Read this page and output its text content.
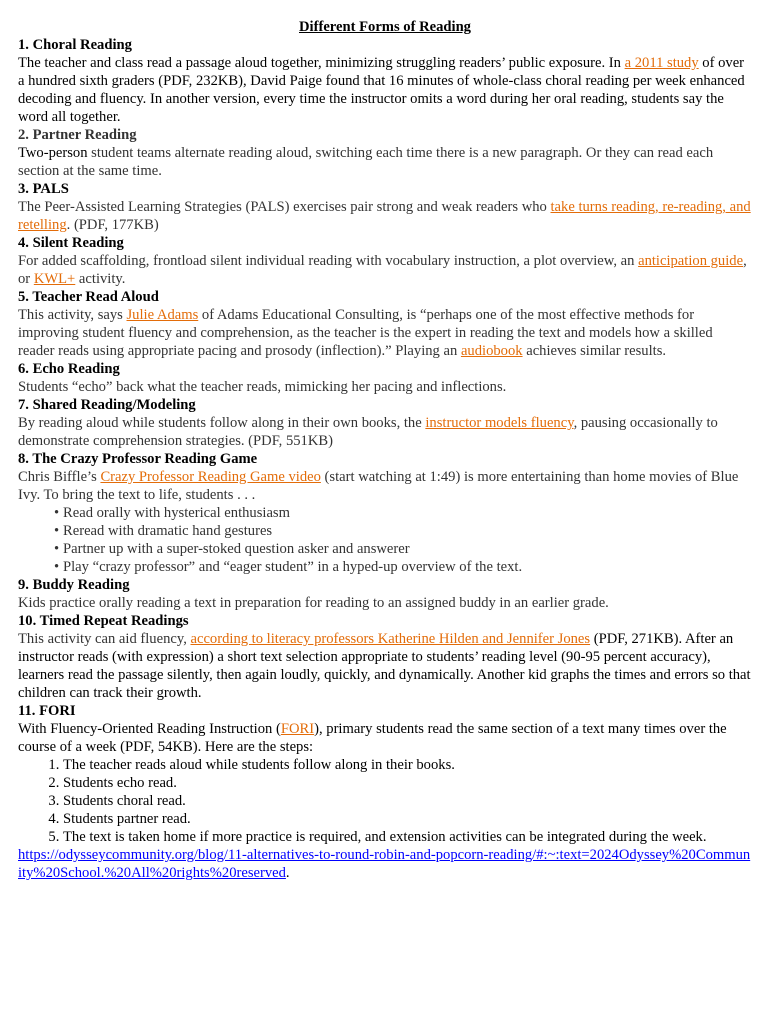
Different Forms of Reading

1. Choral Reading

The teacher and class read a passage aloud together, minimizing struggling readers’ public exposure. In a 2011 study of over a hundred sixth graders (PDF, 232KB), David Paige found that 16 minutes of whole-class choral reading per week enhanced decoding and fluency. In another version, every time the instructor omits a word during her oral reading, students say the word all together.

2. Partner Reading

Two-person student teams alternate reading aloud, switching each time there is a new paragraph. Or they can read each section at the same time.

3. PALS

The Peer-Assisted Learning Strategies (PALS) exercises pair strong and weak readers who take turns reading, re-reading, and retelling. (PDF, 177KB)

4. Silent Reading

For added scaffolding, frontload silent individual reading with vocabulary instruction, a plot overview, an anticipation guide, or KWL+ activity.

5. Teacher Read Aloud

This activity, says Julie Adams of Adams Educational Consulting, is “perhaps one of the most effective methods for improving student fluency and comprehension, as the teacher is the expert in reading the text and models how a skilled reader reads using appropriate pacing and prosody (inflection).” Playing an audiobook achieves similar results.

6. Echo Reading

Students “echo” back what the teacher reads, mimicking her pacing and inflections.

7. Shared Reading/Modeling

By reading aloud while students follow along in their own books, the instructor models fluency, pausing occasionally to demonstrate comprehension strategies. (PDF, 551KB)

8. The Crazy Professor Reading Game

Chris Biffle’s Crazy Professor Reading Game video (start watching at 1:49) is more entertaining than home movies of Blue Ivy. To bring the text to life, students . . .

• Read orally with hysterical enthusiasm
• Reread with dramatic hand gestures
• Partner up with a super-stoked question asker and answerer
• Play “crazy professor” and “eager student” in a hyped-up overview of the text.

9. Buddy Reading

Kids practice orally reading a text in preparation for reading to an assigned buddy in an earlier grade.

10. Timed Repeat Readings

This activity can aid fluency, according to literacy professors Katherine Hilden and Jennifer Jones (PDF, 271KB). After an instructor reads (with expression) a short text selection appropriate to students’ reading level (90-95 percent accuracy), learners read the passage silently, then again loudly, quickly, and dynamically. Another kid graphs the times and errors so that children can track their growth.

11. FORI

With Fluency-Oriented Reading Instruction (FORI), primary students read the same section of a text many times over the course of a week (PDF, 54KB). Here are the steps:

1. The teacher reads aloud while students follow along in their books.
2. Students echo read.
3. Students choral read.
4. Students partner read.
5. The text is taken home if more practice is required, and extension activities can be integrated during the week.

https://odysseycommunity.org/blog/11-alternatives-to-round-robin-and-popcorn-reading/#:~:text=2024Odyssey%20Community%20School.%20All%20rights%20reserved.
